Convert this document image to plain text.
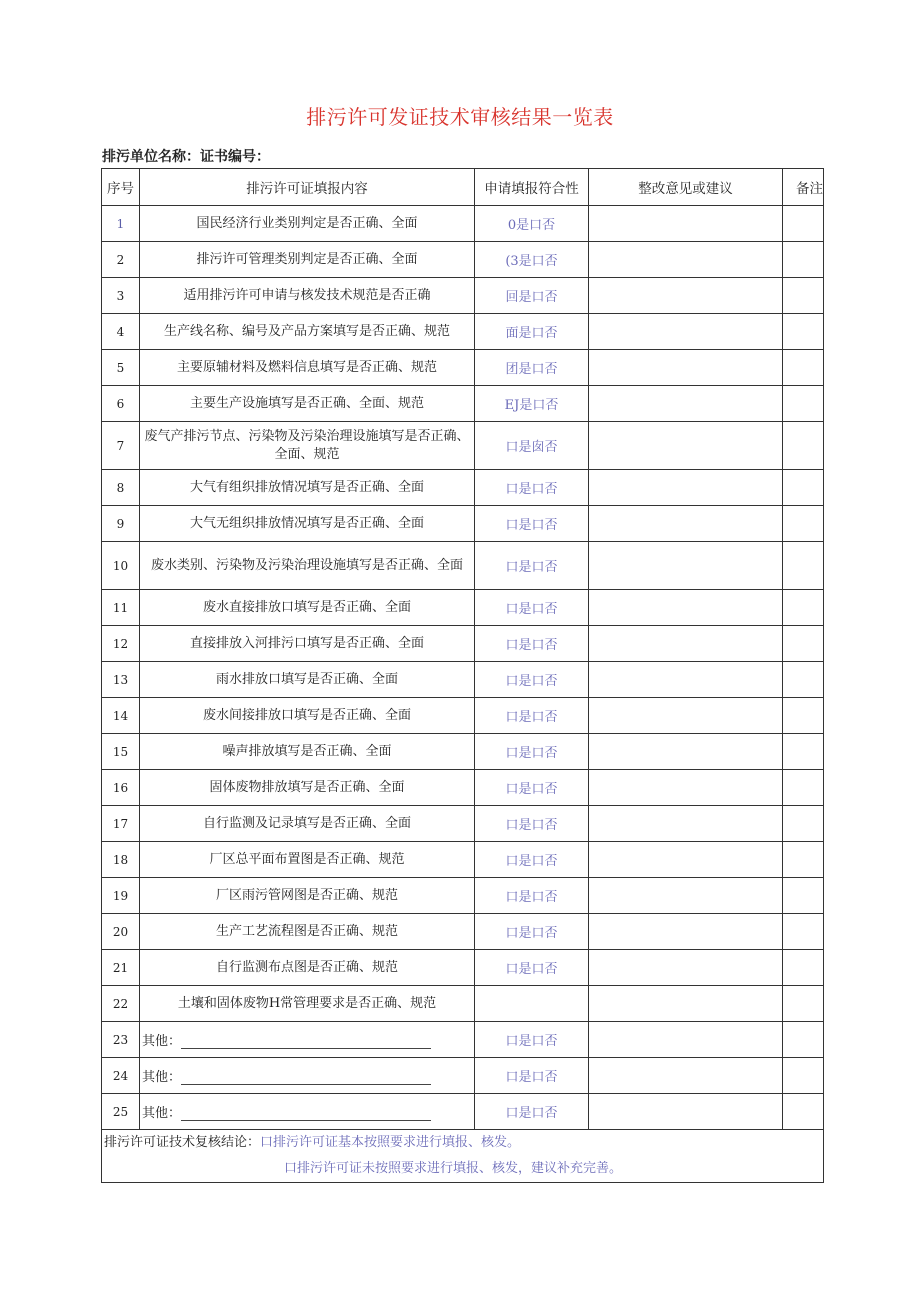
排污许可发证技术审核结果一览表
排污单位名称：证书编号：
序号	排污许可证填报内容	申请填报符合性	整改意见或建议	备注
1	国民经济行业类别判定是否正确、全面	0是口否		
2	排污许可管理类别判定是否正确、全面	(3是口否		
3	适用排污许可申请与核发技术规范是否正确	回是口否		
4	生产线名称、编号及产品方案填写是否正确、规范	面是口否		
5	主要原辅材料及燃料信息填写是否正确、规范	团是口否		
6	主要生产设施填写是否正确、全面、规范	EJ是口否		
7	废气产排污节点、污染物及污染治理设施填写是否正确、全面、规范	口是囱否		
8	大气有组织排放情况填写是否正确、全面	口是口否		
9	大气无组织排放情况填写是否正确、全面	口是口否		
10	废水类别、污染物及污染治理设施填写是否正确、全面	口是口否		
11	废水直接排放口填写是否正确、全面	口是口否		
12	直接排放入河排污口填写是否正确、全面	口是口否		
13	雨水排放口填写是否正确、全面	口是口否		
14	废水间接排放口填写是否正确、全面	口是口否		
15	噪声排放填写是否正确、全面	口是口否		
16	固体废物排放填写是否正确、全面	口是口否		
17	自行监测及记录填写是否正确、全面	口是口否		
18	厂区总平面布置图是否正确、规范	口是口否		
19	厂区雨污管网图是否正确、规范	口是口否		
20	生产工艺流程图是否正确、规范	口是口否		
21	自行监测布点图是否正确、规范	口是口否		
22	土壤和固体废物H常管理要求是否正确、规范			
23	其他：	口是口否		
24	其他：	口是口否		
25	其他：	口是口否		

排污许可证技术复核结论：口排污许可证基本按照要求进行填报、核发。
口排污许可证未按照要求进行填报、核发，建议补充完善。				
